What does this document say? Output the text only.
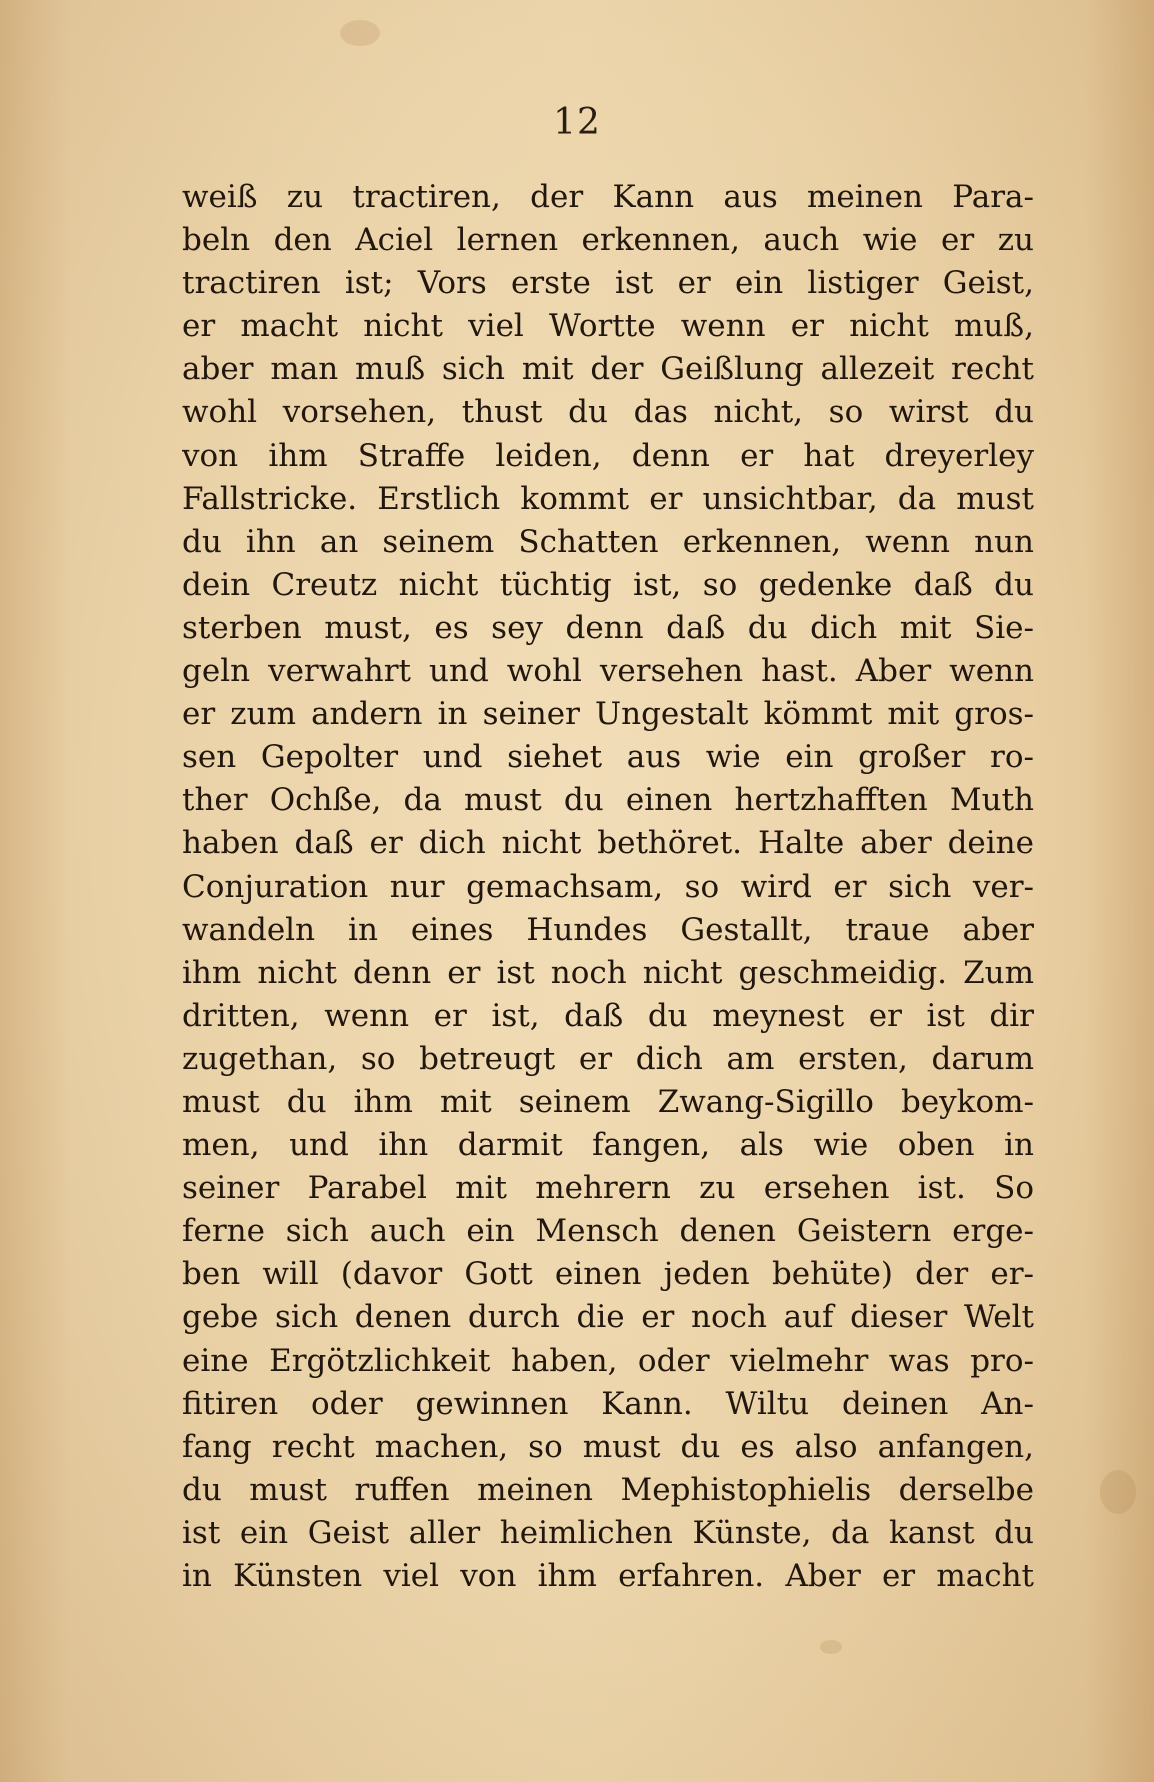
12
weiß zu tractiren, der Kann aus meinen Para-
beln den Aciel lernen erkennen, auch wie er zu
tractiren ist; Vors erste ist er ein listiger Geist,
er macht nicht viel Wortte wenn er nicht muß,
aber man muß sich mit der Geißlung allezeit recht
wohl vorsehen, thust du das nicht, so wirst du
von ihm Straffe leiden, denn er hat dreyerley
Fallstricke. Erstlich kommt er unsichtbar, da must
du ihn an seinem Schatten erkennen, wenn nun
dein Creutz nicht tüchtig ist, so gedenke daß du
sterben must, es sey denn daß du dich mit Sie-
geln verwahrt und wohl versehen hast. Aber wenn
er zum andern in seiner Ungestalt kömmt mit gros-
sen Gepolter und siehet aus wie ein großer ro-
ther Ochße, da must du einen hertzhafften Muth
haben daß er dich nicht bethöret. Halte aber deine
Conjuration nur gemachsam, so wird er sich ver-
wandeln in eines Hundes Gestallt, traue aber
ihm nicht denn er ist noch nicht geschmeidig. Zum
dritten, wenn er ist, daß du meynest er ist dir
zugethan, so betreugt er dich am ersten, darum
must du ihm mit seinem Zwang-Sigillo beykom-
men, und ihn darmit fangen, als wie oben in
seiner Parabel mit mehrern zu ersehen ist. So
ferne sich auch ein Mensch denen Geistern erge-
ben will (davor Gott einen jeden behüte) der er-
gebe sich denen durch die er noch auf dieser Welt
eine Ergötzlichkeit haben, oder vielmehr was pro-
fitiren oder gewinnen Kann. Wiltu deinen An-
fang recht machen, so must du es also anfangen,
du must ruffen meinen Mephistophielis derselbe
ist ein Geist aller heimlichen Künste, da kanst du
in Künsten viel von ihm erfahren. Aber er macht
